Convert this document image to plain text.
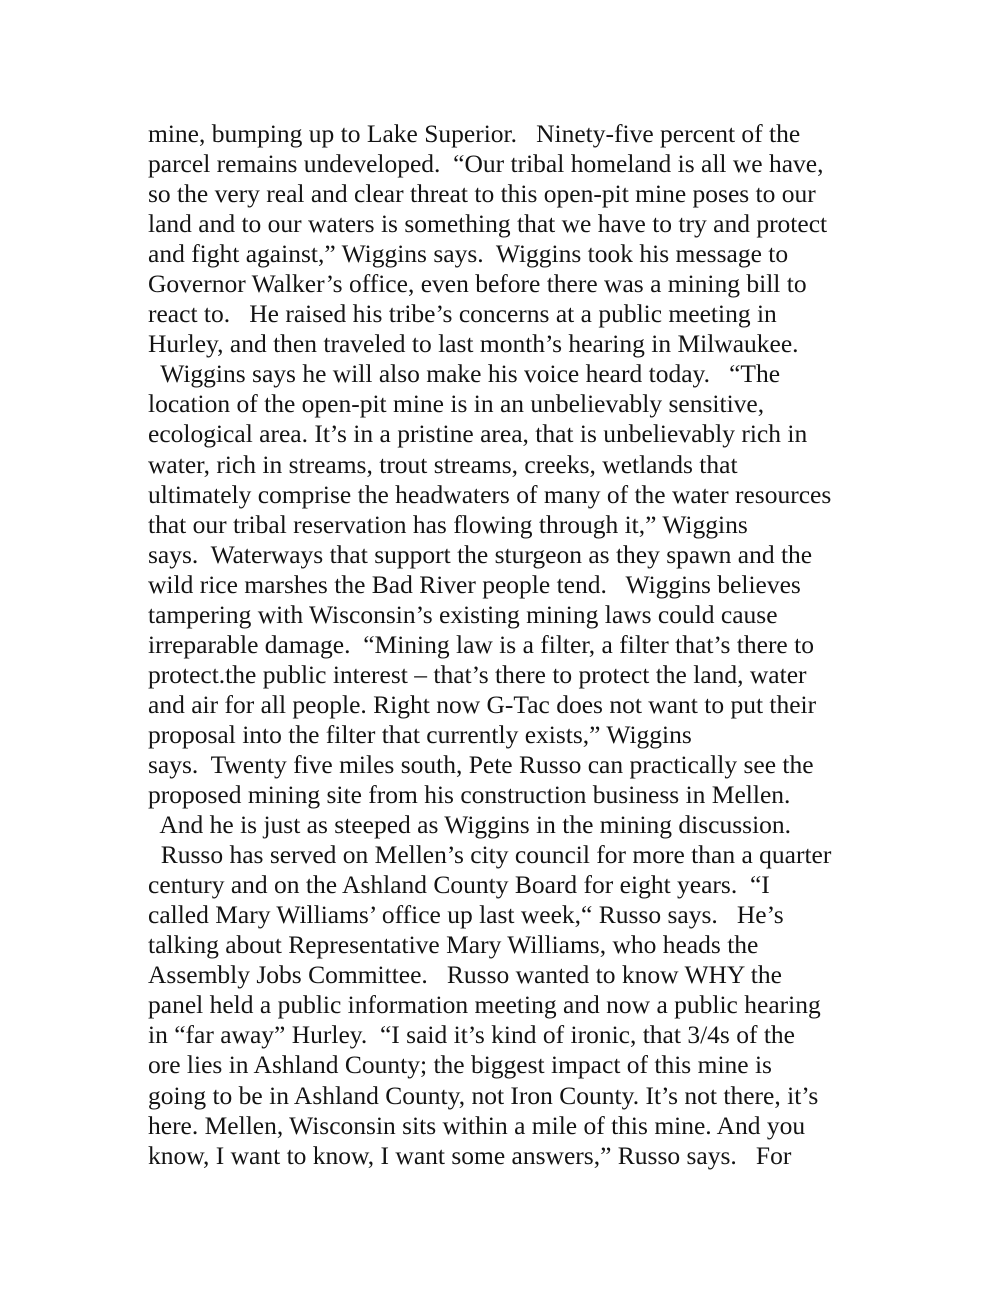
mine, bumping up to Lake Superior.   Ninety-five percent of the
parcel remains undeveloped.  “Our tribal homeland is all we have,
so the very real and clear threat to this open-pit mine poses to our
land and to our waters is something that we have to try and protect
and fight against,” Wiggins says.  Wiggins took his message to
Governor Walker’s office, even before there was a mining bill to
react to.   He raised his tribe’s concerns at a public meeting in
Hurley, and then traveled to last month’s hearing in Milwaukee.
Wiggins says he will also make his voice heard today.   “The
location of the open-pit mine is in an unbelievably sensitive,
ecological area. It’s in a pristine area, that is unbelievably rich in
water, rich in streams, trout streams, creeks, wetlands that
ultimately comprise the headwaters of many of the water resources
that our tribal reservation has flowing through it,” Wiggins
says.  Waterways that support the sturgeon as they spawn and the
wild rice marshes the Bad River people tend.   Wiggins believes
tampering with Wisconsin’s existing mining laws could cause
irreparable damage.  “Mining law is a filter, a filter that’s there to
protect.the public interest – that’s there to protect the land, water
and air for all people. Right now G-Tac does not want to put their
proposal into the filter that currently exists,” Wiggins
says.  Twenty five miles south, Pete Russo can practically see the
proposed mining site from his construction business in Mellen.
And he is just as steeped as Wiggins in the mining discussion.
Russo has served on Mellen’s city council for more than a quarter
century and on the Ashland County Board for eight years.  “I
called Mary Williams’ office up last week,“ Russo says.   He’s
talking about Representative Mary Williams, who heads the
Assembly Jobs Committee.   Russo wanted to know WHY the
panel held a public information meeting and now a public hearing
in “far away” Hurley.  “I said it’s kind of ironic, that 3/4s of the
ore lies in Ashland County; the biggest impact of this mine is
going to be in Ashland County, not Iron County. It’s not there, it’s
here. Mellen, Wisconsin sits within a mile of this mine. And you
know, I want to know, I want some answers,” Russo says.   For
